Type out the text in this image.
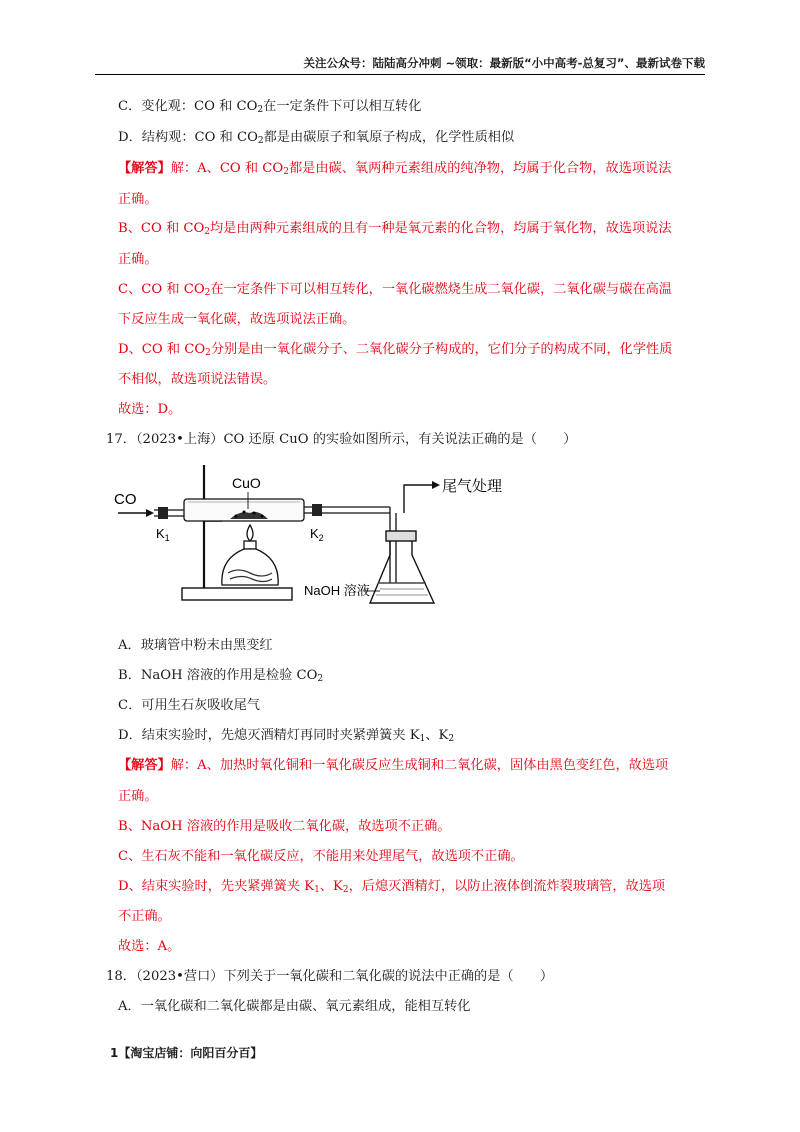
关注公众号：陆陆高分冲刺 ~领取：最新版“小中高考-总复习”、最新试卷下载
C．变化观：CO 和 $CO_2$在一定条件下可以相互转化
D．结构观：CO 和 $CO_2$都是由碳原子和氧原子构成，化学性质相似
【解答】解：A、CO 和 $CO_2$都是由碳、氧两种元素组成的纯净物，均属于化合物，故选项说法
正确。
B、CO 和 $CO_2$均是由两种元素组成的且有一种是氧元素的化合物，均属于氧化物，故选项说法
正确。
C、CO 和 $CO_2$在一定条件下可以相互转化，一氧化碳燃烧生成二氧化碳，二氧化碳与碳在高温
下反应生成一氧化碳，故选项说法正确。
D、CO 和 $CO_2$分别是由一氧化碳分子、二氧化碳分子构成的，它们分子的构成不同，化学性质
不相似，故选项说法错误。
故选：D。
17．（2023•上海）CO 还原 CuO 的实验如图所示，有关说法正确的是（　　）
CO
$K_1$
CuO
$K_2$
尾气处理
NaOH 溶液
A．玻璃管中粉末由黑变红
B．NaOH 溶液的作用是检验 $CO_2$
C．可用生石灰吸收尾气
D．结束实验时，先熄灭酒精灯再同时夹紧弹簧夹 $K_1$、$K_2$
【解答】解：A、加热时氧化铜和一氧化碳反应生成铜和二氧化碳，固体由黑色变红色，故选项
正确。
B、NaOH 溶液的作用是吸收二氧化碳，故选项不正确。
C、生石灰不能和一氧化碳反应，不能用来处理尾气，故选项不正确。
D、结束实验时，先夹紧弹簧夹 $K_1$、$K_2$，后熄灭酒精灯，以防止液体倒流炸裂玻璃管，故选项
不正确。
故选：A。
18．（2023•营口）下列关于一氧化碳和二氧化碳的说法中正确的是（　　）
A．一氧化碳和二氧化碳都是由碳、氧元素组成，能相互转化
1【淘宝店铺：向阳百分百】
